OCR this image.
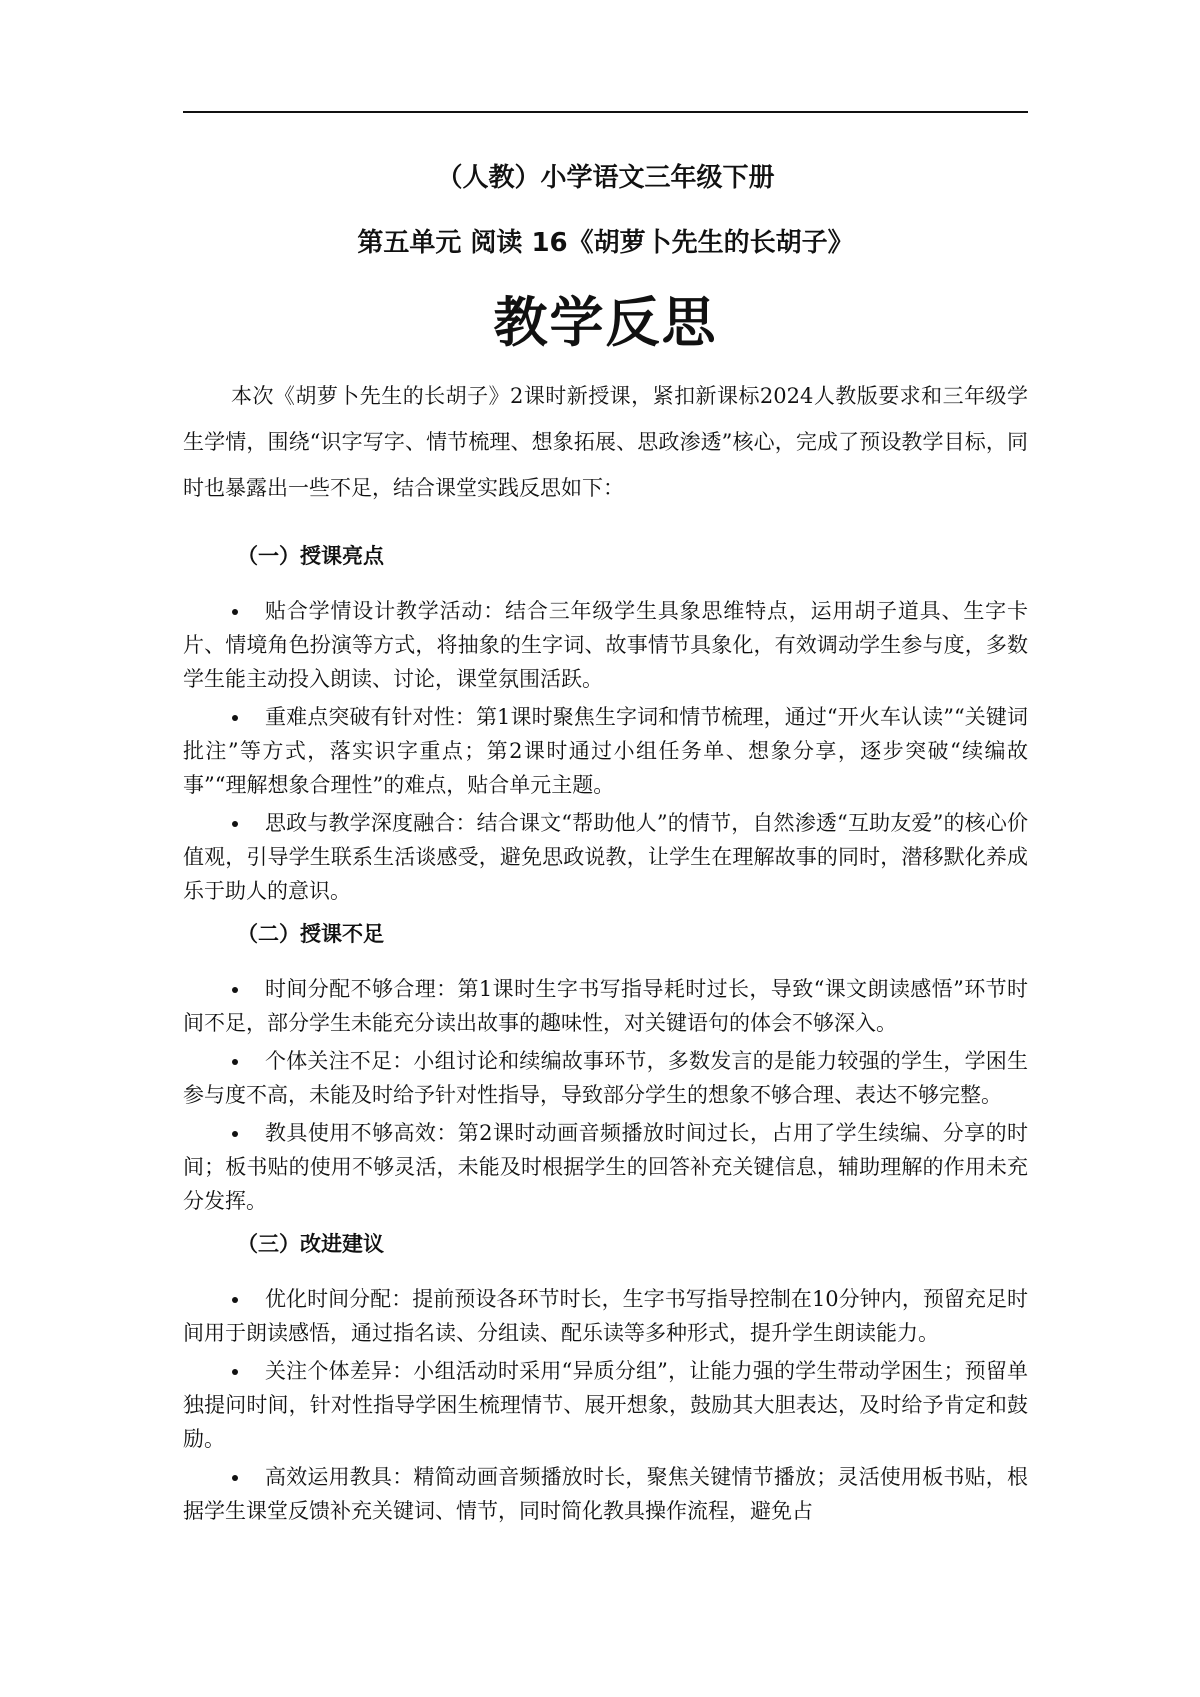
（人教）小学语文三年级下册
第五单元 阅读 16《胡萝卜先生的长胡子》
教学反思

本次《胡萝卜先生的长胡子》2课时新授课，紧扣新课标2024人教版要求和三年级学生学情，围绕“识字写字、情节梳理、想象拓展、思政渗透”核心，完成了预设教学目标，同时也暴露出一些不足，结合课堂实践反思如下：

（一）授课亮点
贴合学情设计教学活动：结合三年级学生具象思维特点，运用胡子道具、生字卡片、情境角色扮演等方式，将抽象的生字词、故事情节具象化，有效调动学生参与度，多数学生能主动投入朗读、讨论，课堂氛围活跃。
重难点突破有针对性：第1课时聚焦生字词和情节梳理，通过“开火车认读”“关键词批注”等方式，落实识字重点；第2课时通过小组任务单、想象分享，逐步突破“续编故事”“理解想象合理性”的难点，贴合单元主题。
思政与教学深度融合：结合课文“帮助他人”的情节，自然渗透“互助友爱”的核心价值观，引导学生联系生活谈感受，避免思政说教，让学生在理解故事的同时，潜移默化养成乐于助人的意识。
（二）授课不足
时间分配不够合理：第1课时生字书写指导耗时过长，导致“课文朗读感悟”环节时间不足，部分学生未能充分读出故事的趣味性，对关键语句的体会不够深入。
个体关注不足：小组讨论和续编故事环节，多数发言的是能力较强的学生，学困生参与度不高，未能及时给予针对性指导，导致部分学生的想象不够合理、表达不够完整。
教具使用不够高效：第2课时动画音频播放时间过长，占用了学生续编、分享的时间；板书贴的使用不够灵活，未能及时根据学生的回答补充关键信息，辅助理解的作用未充分发挥。
（三）改进建议
优化时间分配：提前预设各环节时长，生字书写指导控制在10分钟内，预留充足时间用于朗读感悟，通过指名读、分组读、配乐读等多种形式，提升学生朗读能力。
关注个体差异：小组活动时采用“异质分组”，让能力强的学生带动学困生；预留单独提问时间，针对性指导学困生梳理情节、展开想象，鼓励其大胆表达，及时给予肯定和鼓励。
高效运用教具：精简动画音频播放时长，聚焦关键情节播放；灵活使用板书贴，根据学生课堂反馈补充关键词、情节，同时简化教具操作流程，避免占
